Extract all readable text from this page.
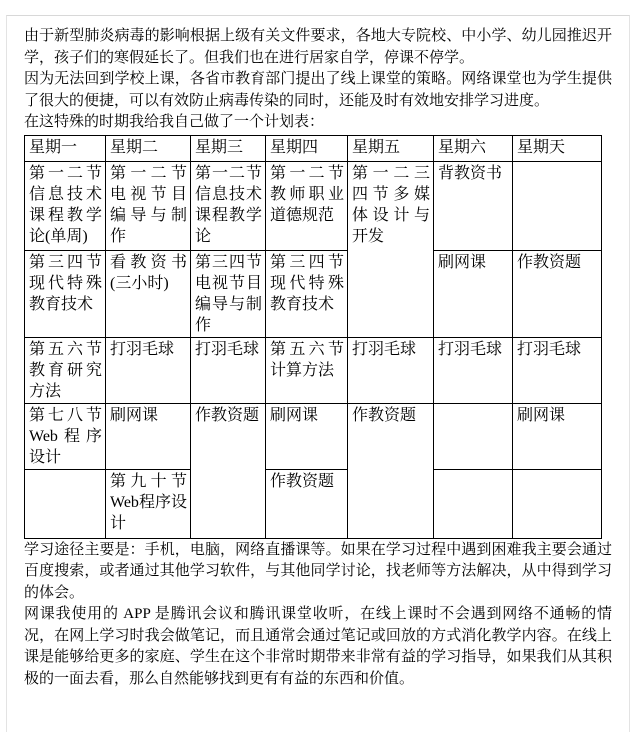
由于新型肺炎病毒的影响根据上级有关文件要求，各地大专院校、中小学、幼儿园推迟开学，孩子们的寒假延长了。但我们也在进行居家自学，停课不停学。

因为无法回到学校上课，各省市教育部门提出了线上课堂的策略。网络课堂也为学生提供了很大的便捷，可以有效防止病毒传染的同时，还能及时有效地安排学习进度。

在这特殊的时期我给我自己做了一个计划表：

星期一	星期二	星期三	星期四	星期五	星期六	星期天
第一二节信息技术课程教学论(单周)	第一二节电视节目编导与制作	第一二节信息技术课程教学论	第一二节教师职业道德规范	第一二三四节多媒体设计与开发	背教资书	
第三四节现代特殊教育技术	看教资书(三小时)	第三四节电视节目编导与制作	第三四节现代特殊教育技术		刷网课	作教资题
第五六节教育研究方法	打羽毛球	打羽毛球	第五六节计算方法	打羽毛球	打羽毛球	打羽毛球
第七八节Web程序设计	刷网课	作教资题	刷网课	作教资题		刷网课
	第九十节Web程序设计		作教资题			

学习途径主要是：手机，电脑，网络直播课等。如果在学习过程中遇到困难我主要会通过百度搜索，或者通过其他学习软件，与其他同学讨论，找老师等方法解决，从中得到学习的体会。

网课我使用的 APP 是腾讯会议和腾讯课堂收听，在线上课时不会遇到网络不通畅的情况，在网上学习时我会做笔记，而且通常会通过笔记或回放的方式消化教学内容。在线上课是能够给更多的家庭、学生在这个非常时期带来非常有益的学习指导，如果我们从其积极的一面去看，那么自然能够找到更有有益的东西和价值。
